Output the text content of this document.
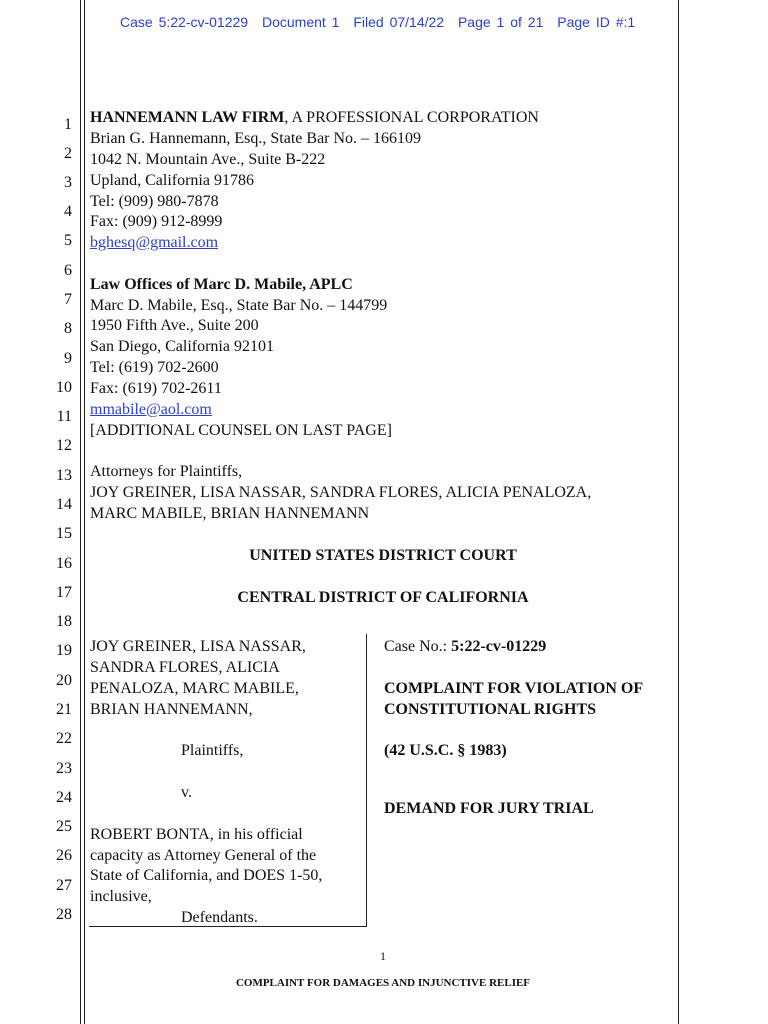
Case 5:22-cv-01229 Document 1 Filed 07/14/22 Page 1 of 21 Page ID #:1
1
2
3
4
5
6
7
8
9
10
11
12
13
14
15
16
17
18
19
20
21
22
23
24
25
26
27
28
HANNEMANN LAW FIRM, A PROFESSIONAL CORPORATION
Brian G. Hannemann, Esq., State Bar No. – 166109
1042 N. Mountain Ave., Suite B-222
Upland, California 91786
Tel: (909) 980-7878
Fax: (909) 912-8999
bghesq@gmail.com
Law Offices of Marc D. Mabile, APLC
Marc D. Mabile, Esq., State Bar No. – 144799
1950 Fifth Ave., Suite 200
San Diego, California 92101
Tel: (619) 702-2600
Fax: (619) 702-2611
mmabile@aol.com
[ADDITIONAL COUNSEL ON LAST PAGE]
Attorneys for Plaintiffs,
JOY GREINER, LISA NASSAR, SANDRA FLORES, ALICIA PENALOZA,
MARC MABILE, BRIAN HANNEMANN
UNITED STATES DISTRICT COURT
CENTRAL DISTRICT OF CALIFORNIA
JOY GREINER, LISA NASSAR,
SANDRA FLORES, ALICIA
PENALOZA, MARC MABILE,
BRIAN HANNEMANN,
Plaintiffs,
v.
ROBERT BONTA, in his official
capacity as Attorney General of the
State of California, and DOES 1-50,
inclusive,
Defendants.
Case No.: 5:22-cv-01229
COMPLAINT FOR VIOLATION OF
CONSTITUTIONAL RIGHTS
(42 U.S.C. § 1983)
DEMAND FOR JURY TRIAL
1
COMPLAINT FOR DAMAGES AND INJUNCTIVE RELIEF
